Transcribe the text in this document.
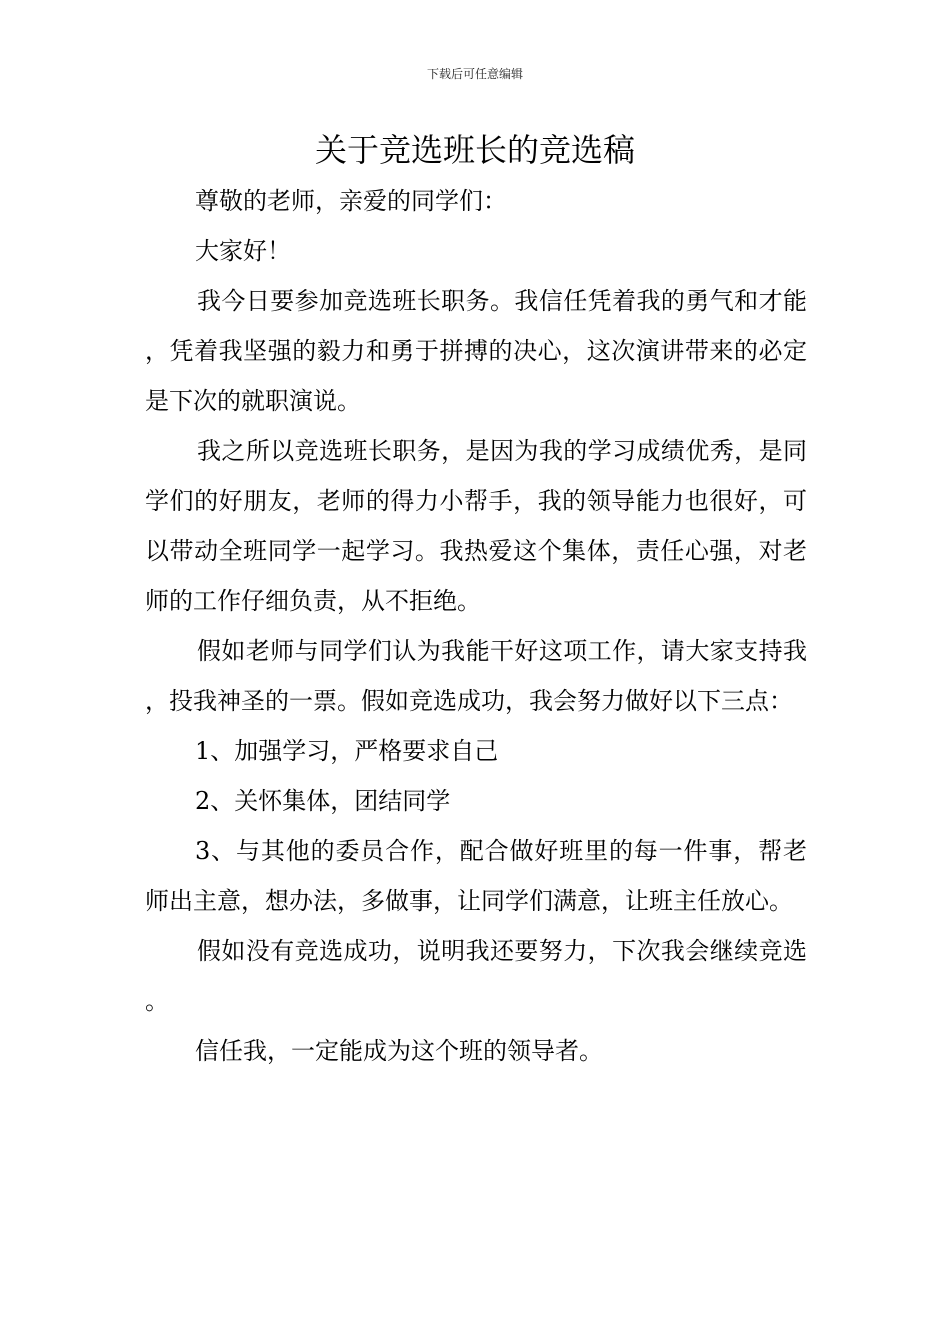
下载后可任意编辑
关于竞选班长的竞选稿

尊敬的老师，亲爱的同学们：

大家好！

我今日要参加竞选班长职务。我信任凭着我的勇气和才能，凭着我坚强的毅力和勇于拼搏的决心，这次演讲带来的必定是下次的就职演说。

我之所以竞选班长职务，是因为我的学习成绩优秀，是同学们的好朋友，老师的得力小帮手，我的领导能力也很好，可以带动全班同学一起学习。我热爱这个集体，责任心强，对老师的工作仔细负责，从不拒绝。

假如老师与同学们认为我能干好这项工作，请大家支持我，投我神圣的一票。假如竞选成功，我会努力做好以下三点：

1、加强学习，严格要求自己

2、关怀集体，团结同学

3、与其他的委员合作，配合做好班里的每一件事，帮老师出主意，想办法，多做事，让同学们满意，让班主任放心。

假如没有竞选成功，说明我还要努力，下次我会继续竞选。

信任我，一定能成为这个班的领导者。
